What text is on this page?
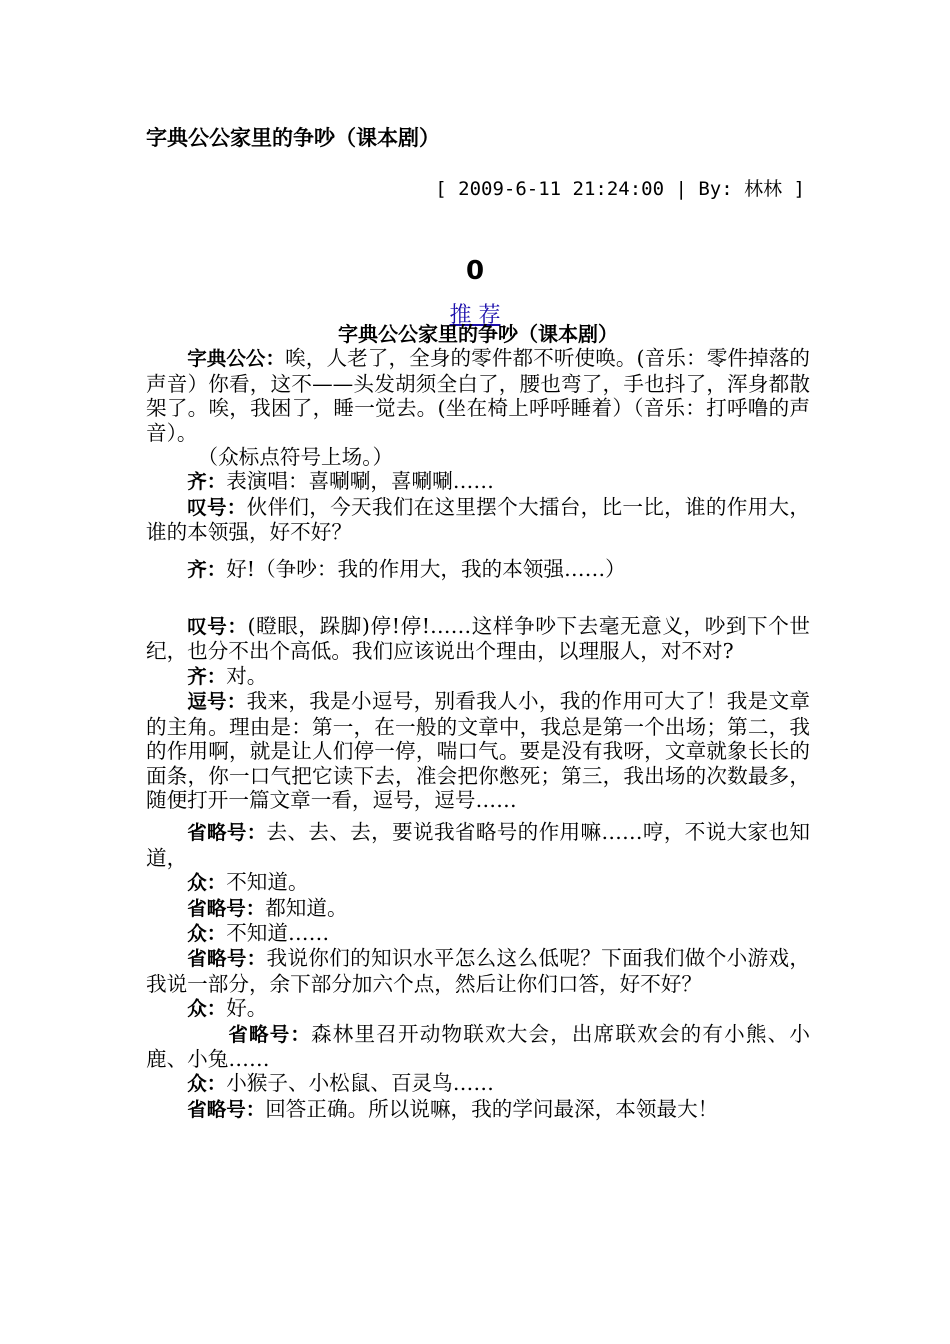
字典公公家里的争吵（课本剧）
[ 2009-6-11 21:24:00 | By: 林林 ]
0
推 荐
字典公公家里的争吵（课本剧）

字典公公：唉，人老了，全身的零件都不听使唤。(音乐：零件掉落的声音）你看，这不——头发胡须全白了，腰也弯了，手也抖了，浑身都散架了。唉，我困了，睡一觉去。(坐在椅上呼呼睡着）（音乐：打呼噜的声音）。

（众标点符号上场。）

齐：表演唱：喜唰唰，喜唰唰……

叹号：伙伴们，今天我们在这里摆个大擂台，比一比，谁的作用大，谁的本领强，好不好？

齐：好!（争吵：我的作用大，我的本领强……）

叹号：(瞪眼，跺脚)停!停!……这样争吵下去毫无意义，吵到下个世纪，也分不出个高低。我们应该说出个理由，以理服人，对不对?

齐：对。

逗号：我来，我是小逗号，别看我人小，我的作用可大了！我是文章的主角。理由是：第一，在一般的文章中，我总是第一个出场；第二，我的作用啊，就是让人们停一停，喘口气。要是没有我呀，文章就象长长的面条，你一口气把它读下去，准会把你憋死；第三，我出场的次数最多，随便打开一篇文章一看，逗号，逗号……

省略号：去、去、去，要说我省略号的作用嘛……哼，不说大家也知道，

众：不知道。

省略号：都知道。

众：不知道……

省略号：我说你们的知识水平怎么这么低呢？下面我们做个小游戏，我说一部分，余下部分加六个点，然后让你们口答，好不好？

众：好。

省略号：森林里召开动物联欢大会，出席联欢会的有小熊、小鹿、小兔……

众：小猴子、小松鼠、百灵鸟……

省略号：回答正确。所以说嘛，我的学问最深，本领最大！
